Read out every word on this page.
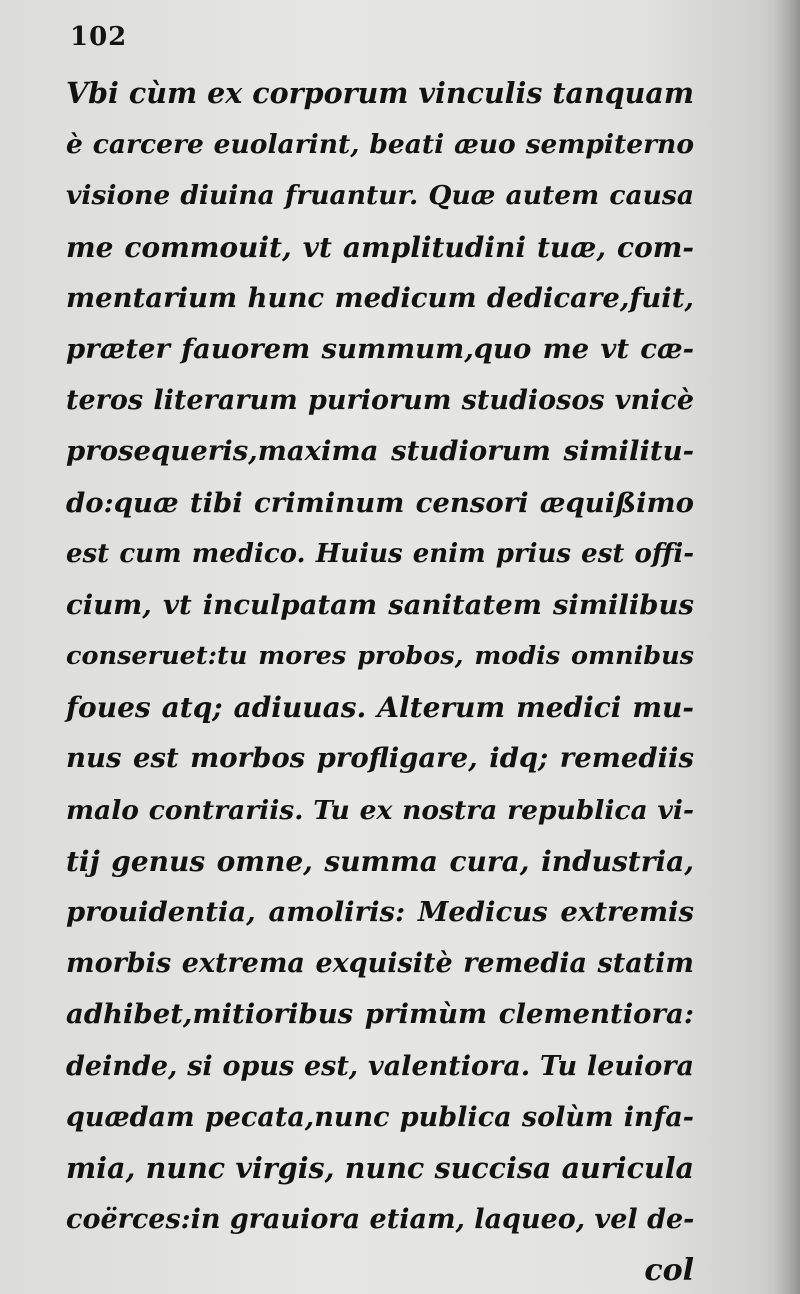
102
Vbi cùm ex corporum vinculis tanquam
è carcere euolarint, beati æuo sempiterno
visione diuina fruantur. Quæ autem causa
me commouit, vt amplitudini tuæ, com-
mentarium hunc medicum dedicare,fuit,
præter fauorem summum,quo me vt cæ-
teros literarum puriorum studiosos vnicè
prosequeris,maxima studiorum similitu-
do:quæ tibi criminum censori æquißimo
est cum medico. Huius enim prius est offi-
cium, vt inculpatam sanitatem similibus
conseruet:tu mores probos, modis omnibus
foues atq; adiuuas. Alterum medici mu-
nus est morbos profligare, idq; remediis
malo contrariis. Tu ex nostra republica vi-
tij genus omne, summa cura, industria,
prouidentia, amoliris: Medicus extremis
morbis extrema exquisitè remedia statim
adhibet,mitioribus primùm clementiora:
deinde, si opus est, valentiora. Tu leuiora
quædam pecata,nunc publica solùm infa-
mia, nunc virgis, nunc succisa auricula
coërces:in grauiora etiam, laqueo, vel de-
col
